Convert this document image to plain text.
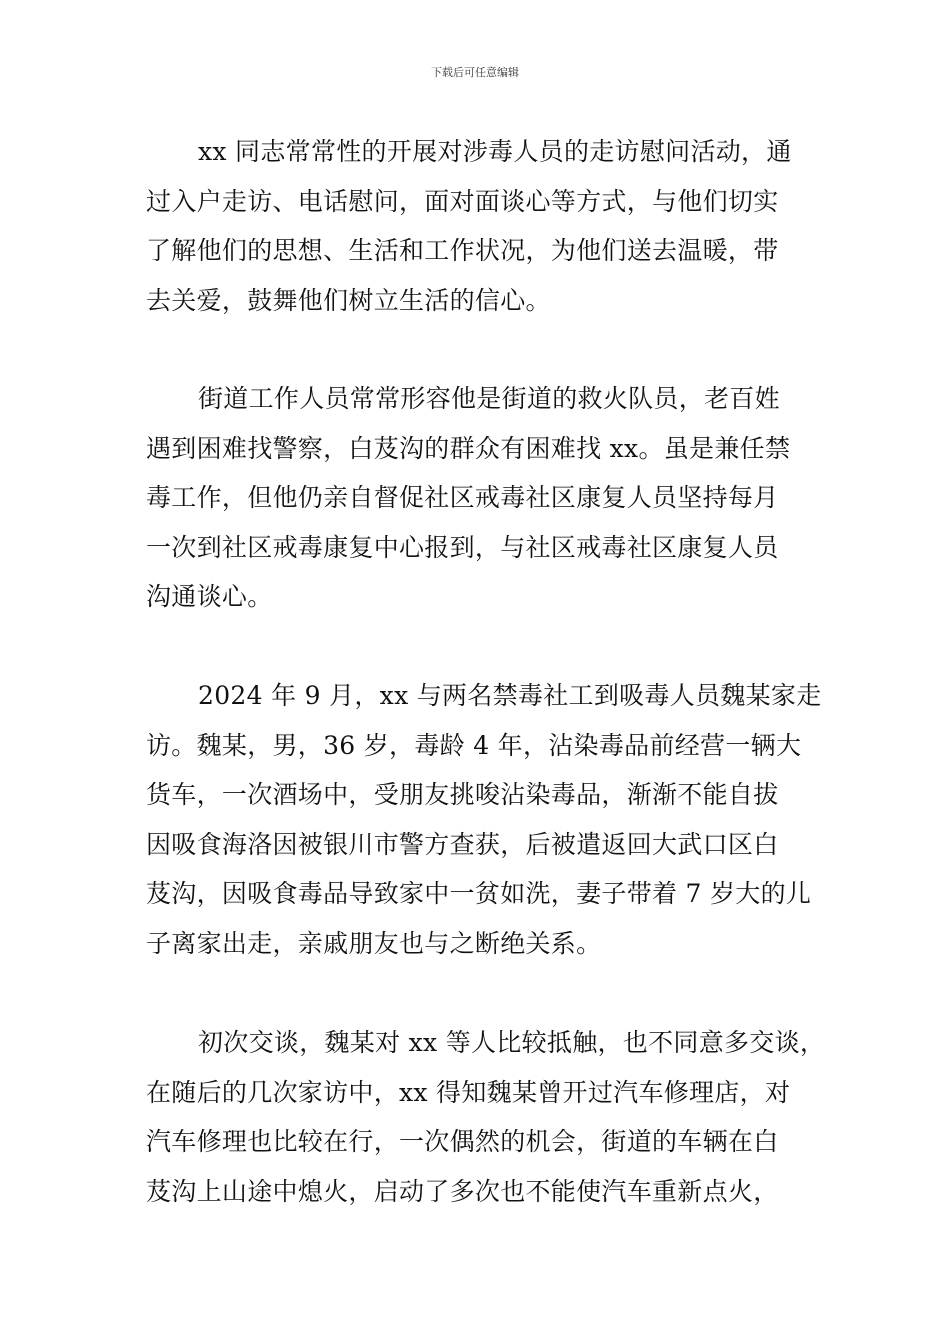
下载后可任意编辑
xx 同志常常性的开展对涉毒人员的走访慰问活动，通
过入户走访、电话慰问，面对面谈心等方式，与他们切实
了解他们的思想、生活和工作状况，为他们送去温暖，带
去关爱，鼓舞他们树立生活的信心。
街道工作人员常常形容他是街道的救火队员，老百姓
遇到困难找警察，白芨沟的群众有困难找 xx。虽是兼任禁
毒工作，但他仍亲自督促社区戒毒社区康复人员坚持每月
一次到社区戒毒康复中心报到，与社区戒毒社区康复人员
沟通谈心。
2024 年 9 月，xx 与两名禁毒社工到吸毒人员魏某家走
访。魏某，男，36 岁，毒龄 4 年，沾染毒品前经营一辆大
货车，一次酒场中，受朋友挑唆沾染毒品，渐渐不能自拔
因吸食海洛因被银川市警方查获，后被遣返回大武口区白
芨沟，因吸食毒品导致家中一贫如洗，妻子带着 7 岁大的儿
子离家出走，亲戚朋友也与之断绝关系。
初次交谈，魏某对 xx 等人比较抵触，也不同意多交谈，
在随后的几次家访中，xx 得知魏某曾开过汽车修理店，对
汽车修理也比较在行，一次偶然的机会，街道的车辆在白
芨沟上山途中熄火，启动了多次也不能使汽车重新点火，
